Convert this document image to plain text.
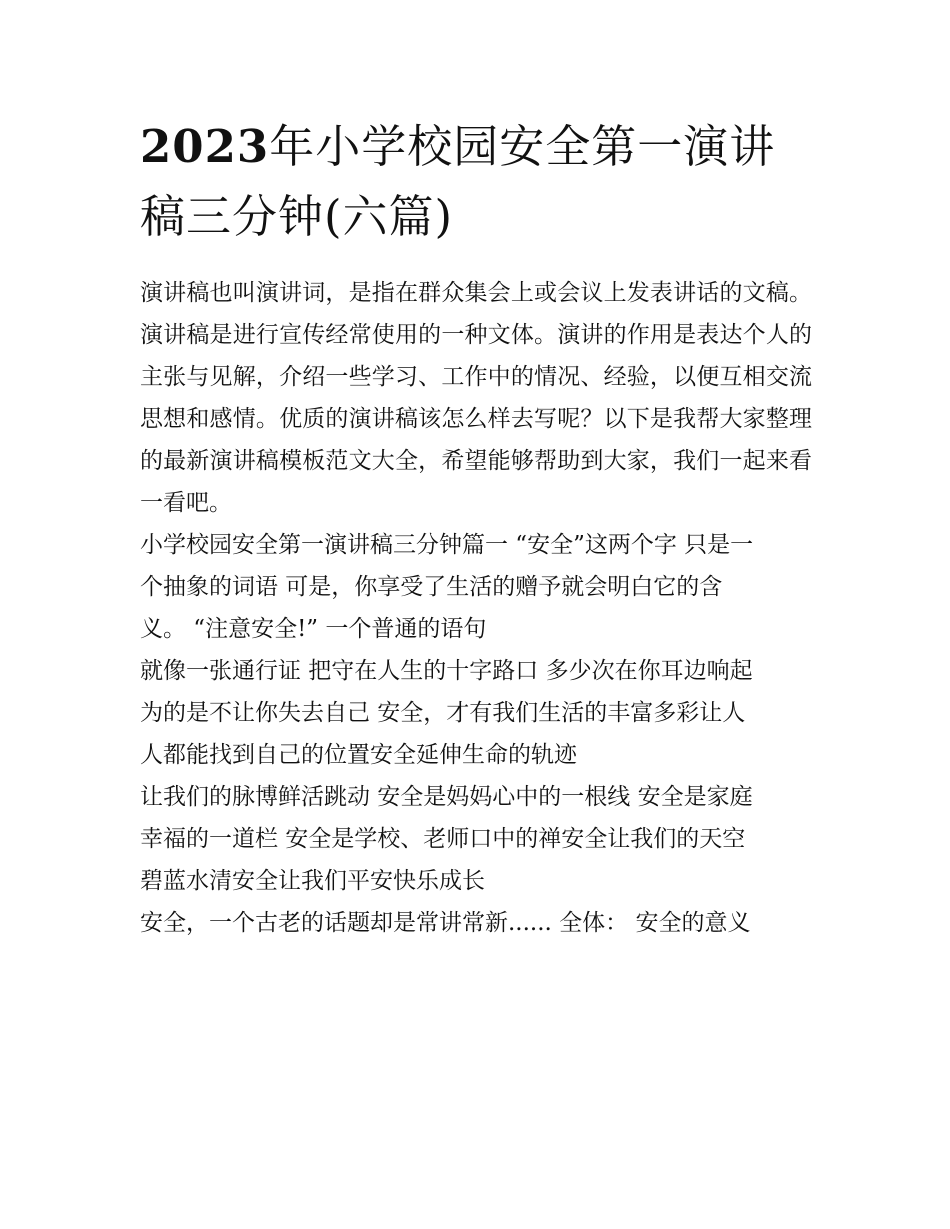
2023年小学校园安全第一演讲稿三分钟(六篇)

演讲稿也叫演讲词，是指在群众集会上或会议上发表讲话的文稿。演讲稿是进行宣传经常使用的一种文体。演讲的作用是表达个人的主张与见解，介绍一些学习、工作中的情况、经验，以便互相交流思想和感情。优质的演讲稿该怎么样去写呢？以下是我帮大家整理的最新演讲稿模板范文大全，希望能够帮助到大家，我们一起来看一看吧。

小学校园安全第一演讲稿三分钟篇一 “安全”这两个字 只是一
个抽象的词语 可是，你享受了生活的赠予就会明白它的含
义。 “注意安全!” 一个普通的语句
就像一张通行证 把守在人生的十字路口 多少次在你耳边响起
为的是不让你失去自己 安全，才有我们生活的丰富多彩让人
人都能找到自己的位置安全延伸生命的轨迹
让我们的脉博鲜活跳动 安全是妈妈心中的一根线 安全是家庭
幸福的一道栏 安全是学校、老师口中的禅安全让我们的天空
碧蓝水清安全让我们平安快乐成长
安全，一个古老的话题却是常讲常新...... 全体： 安全的意义
